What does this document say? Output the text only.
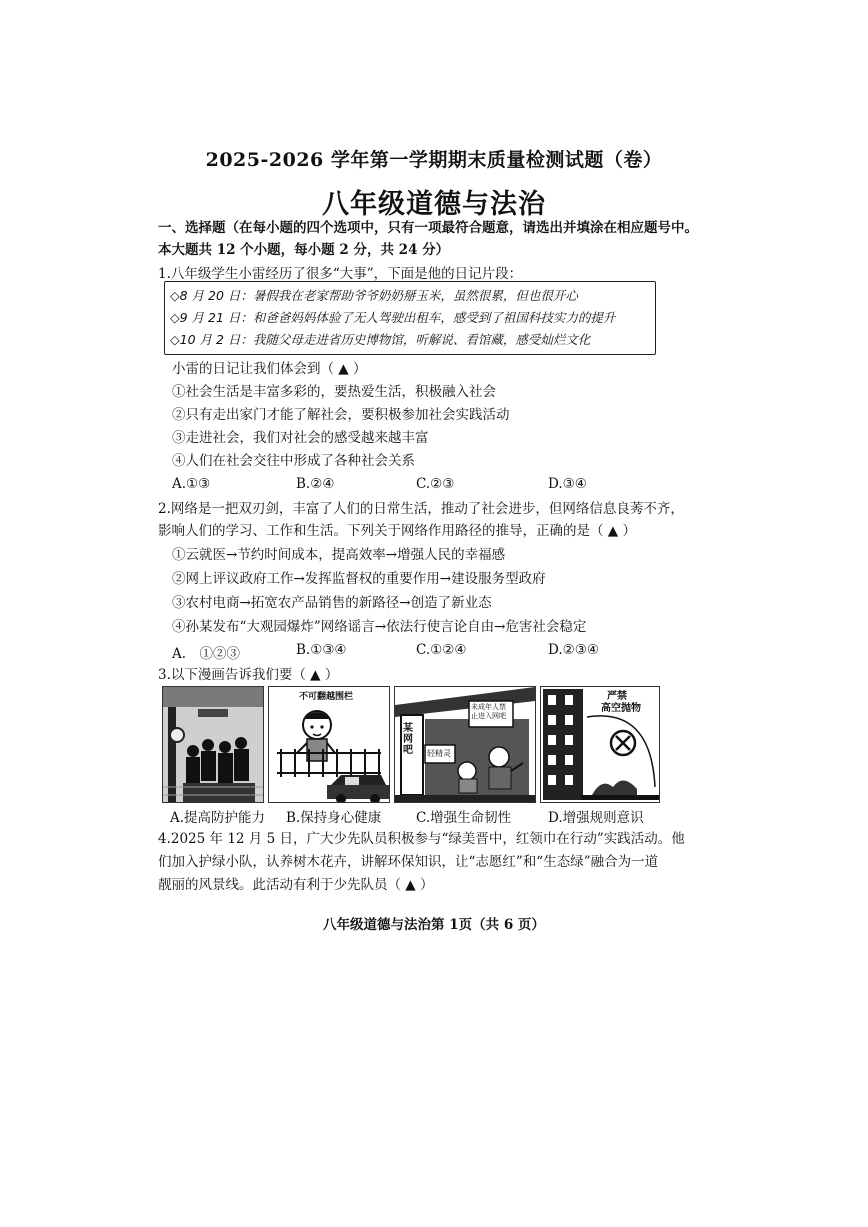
2025-2026 学年第一学期期末质量检测试题（卷）
八年级道德与法治
一、选择题（在每小题的四个选项中，只有一项最符合题意，请选出并填涂在相应题号中。
本大题共 12 个小题，每小题 2 分，共 24 分）
1.八年级学生小雷经历了很多“大事”，下面是他的日记片段：
◇8 月 20 日：暑假我在老家帮助爷爷奶奶掰玉米，虽然很累，但也很开心
◇9 月 21 日：和爸爸妈妈体验了无人驾驶出租车，感受到了祖国科技实力的提升
◇10 月 2 日：我随父母走进省历史博物馆，听解说、看馆藏，感受灿烂文化
小雷的日记让我们体会到（ ▲ ）
①社会生活是丰富多彩的，要热爱生活，积极融入社会
②只有走出家门才能了解社会，要积极参加社会实践活动
③走进社会，我们对社会的感受越来越丰富
④人们在社会交往中形成了各种社会关系
A.①③	B.②④	C.②③	D.③④
2.网络是一把双刃剑，丰富了人们的日常生活，推动了社会进步，但网络信息良莠不齐，
影响人们的学习、工作和生活。下列关于网络作用路径的推导，正确的是（ ▲ ）
①云就医→节约时间成本，提高效率→增强人民的幸福感
②网上评议政府工作→发挥监督权的重要作用→建设服务型政府
③农村电商→拓宽农产品销售的新路径→创造了新业态
④孙某发布“大观园爆炸”网络谣言→依法行使言论自由→危害社会稳定
A.　①②③	B.①③④	C.①②④	D.②③④
3.以下漫画告诉我们要（ ▲ ）
不可翻越围栏
某网吧
未成年人禁止进入网吧
轻精灵
严禁
高空抛物
A.提高防护能力 B.保持身心健康	C.增强生命韧性	D.增强规则意识
4.2025 年 12 月 5 日，广大少先队员积极参与“绿美晋中，红领巾在行动”实践活动。他
们加入护绿小队，认养树木花卉，讲解环保知识，让“志愿红”和“生态绿”融合为一道
靓丽的风景线。此活动有利于少先队员（ ▲ ）
八年级道德与法治第 1页（共 6 页）
